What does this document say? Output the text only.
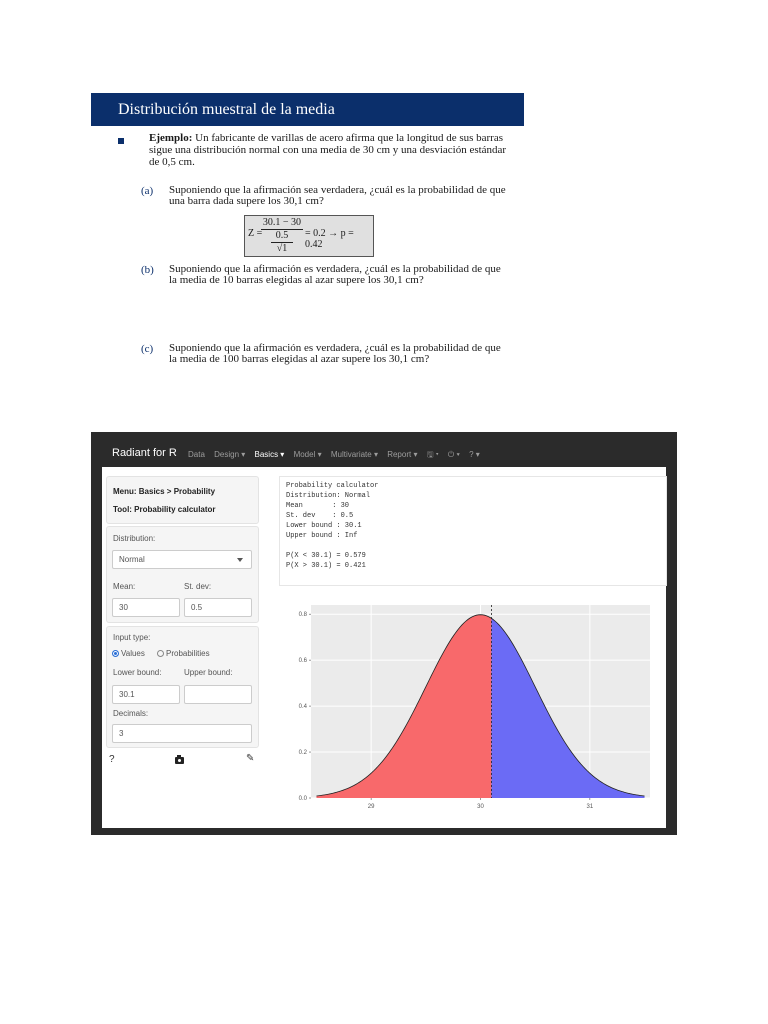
Distribución muestral de la media
Ejemplo: Un fabricante de varillas de acero afirma que la longitud de sus barras sigue una distribución normal con una media de 30 cm y una desviación estándar de 0,5 cm.
(a) Suponiendo que la afirmación sea verdadera, ¿cuál es la probabilidad de que una barra dada supere los 30,1 cm?
Z =
30.1 − 30
0.5
√1
= 0.2 → p = 0.42
(b) Suponiendo que la afirmación es verdadera, ¿cuál es la probabilidad de que la media de 10 barras elegidas al azar supere los 30,1 cm?
(c) Suponiendo que la afirmación es verdadera, ¿cuál es la probabilidad de que la media de 100 barras elegidas al azar supere los 30,1 cm?
Radiant for R Data Design ▾ Basics ▾ Model ▾ Multivariate ▾ Report ▾ 🖫 ▾ ⏻ ▾ ? ▾
Menu: Basics > Probability
Tool: Probability calculator
Distribution:
Normal
Mean:	St. dev:
30	0.5
Input type:
Values	Probabilities
Lower bound:	Upper bound:
30.1
Decimals:
3
?	✎
Probability calculator
Distribution: Normal
Mean       : 30
St. dev    : 0.5
Lower bound : 30.1
Upper bound : Inf
P(X < 30.1) = 0.579
P(X > 30.1) = 0.421
0.0
0.2
0.4
0.6
0.8
29	30	31
